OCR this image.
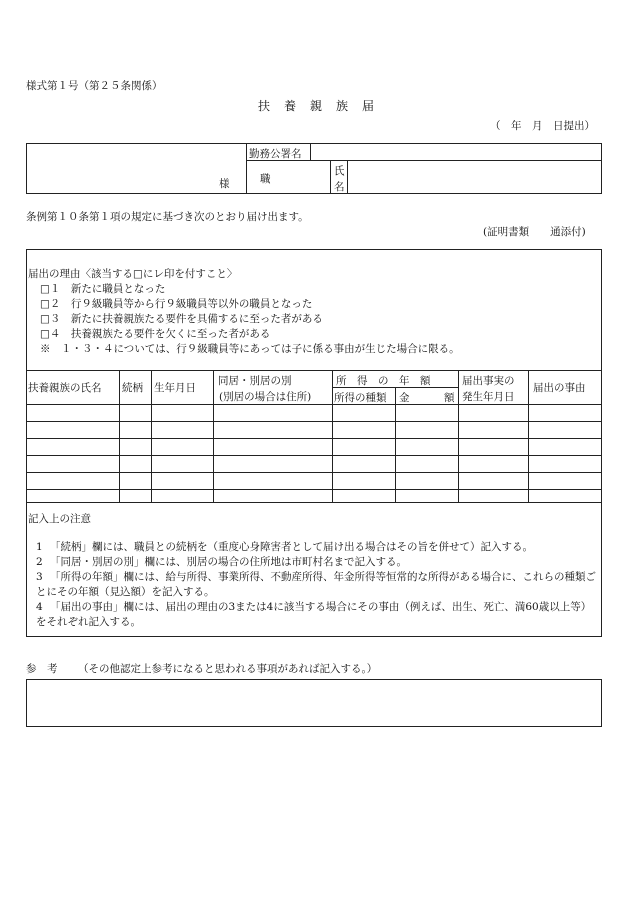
様式第１号（第２５条関係）
扶　養　親　族　届
（　年　月　日提出）
勤務公署名
様	職
氏
名
条例第１０条第１項の規定に基づき次のとおり届け出ます。
(証明書類　　通添付)
届出の理由〈該当する□にレ印を付すこと〉
□１　 新たに職員となった
□２　 行９級職員等から行９級職員等以外の職員となった
□３　 新たに扶養親族たる要件を具備するに至った者がある
□４　 扶養親族たる要件を欠くに至った者がある
※　 １・３・４については、行９級職員等にあっては子に係る事由が生じた場合に限る。
扶養親族の氏名 続柄 生年月日
同居・別居の別
(別居の場合は住所)
所　得　の　年　額
所得の種類 金	額
届出事実の
発生年月日
届出の事由
記入上の注意
1 「続柄」欄には、職員との続柄を（重度心身障害者として届け出る場合はその旨を併せて）記入する。
2 「同居・別居の別」欄には、別居の場合の住所地は市町村名まで記入する。
3 「所得の年額」欄には、給与所得、事業所得、不動産所得、年金所得等恒常的な所得がある場合に、これらの種類ごとにその年額（見込額）を記入する。
4 「届出の事由」欄には、届出の理由の3または4に該当する場合にその事由（例えば、出生、死亡、満60歳以上等）をそれぞれ記入する。
参　考 （その他認定上参考になると思われる事項があれば記入する。）
